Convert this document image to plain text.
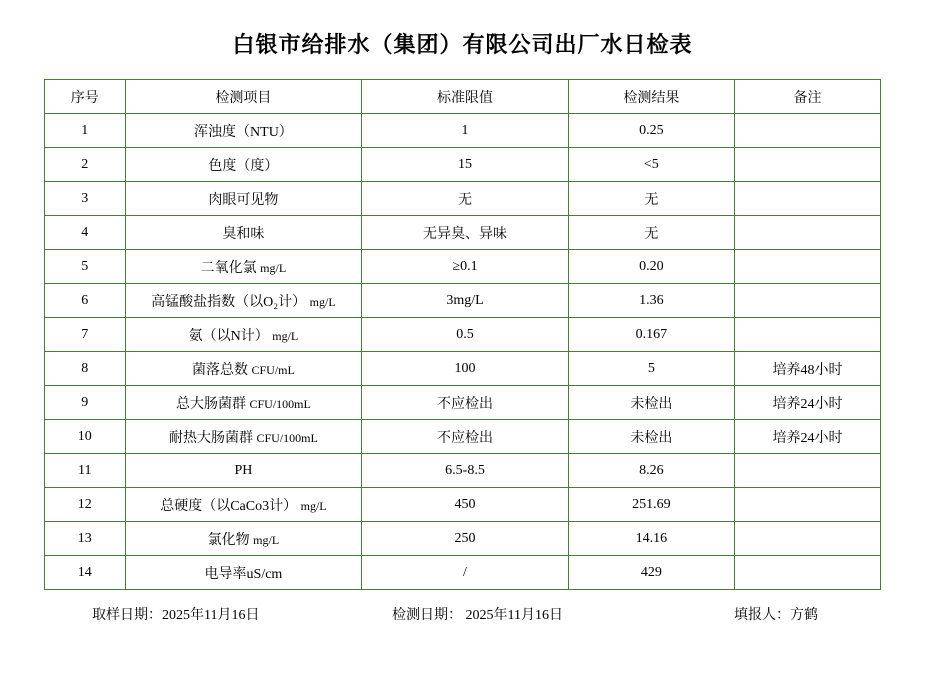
白银市给排水（集团）有限公司出厂水日检表
序号	检测项目	标准限值	检测结果	备注
1	浑浊度（NTU）	1	0.25	
2	色度（度）	15	<5	
3	肉眼可见物	无	无	
4	臭和味	无异臭、异味	无	
5	二氧化氯 mg/L	≥0.1	0.20	
6	高锰酸盐指数（以O₂计） mg/L	3mg/L	1.36	
7	氨（以N计） mg/L	0.5	0.167	
8	菌落总数 CFU/mL	100	5	培养48小时
9	总大肠菌群 CFU/100mL	不应检出	未检出	培养24小时
10	耐热大肠菌群 CFU/100mL	不应检出	未检出	培养24小时
11	PH	6.5-8.5	8.26	
12	总硬度（以CaCo3计） mg/L	450	251.69	
13	氯化物 mg/L	250	14.16	
14	电导率uS/cm	/	429	
取样日期：2025年11月16日	检测日期： 2025年11月16日	填报人：方鹤
